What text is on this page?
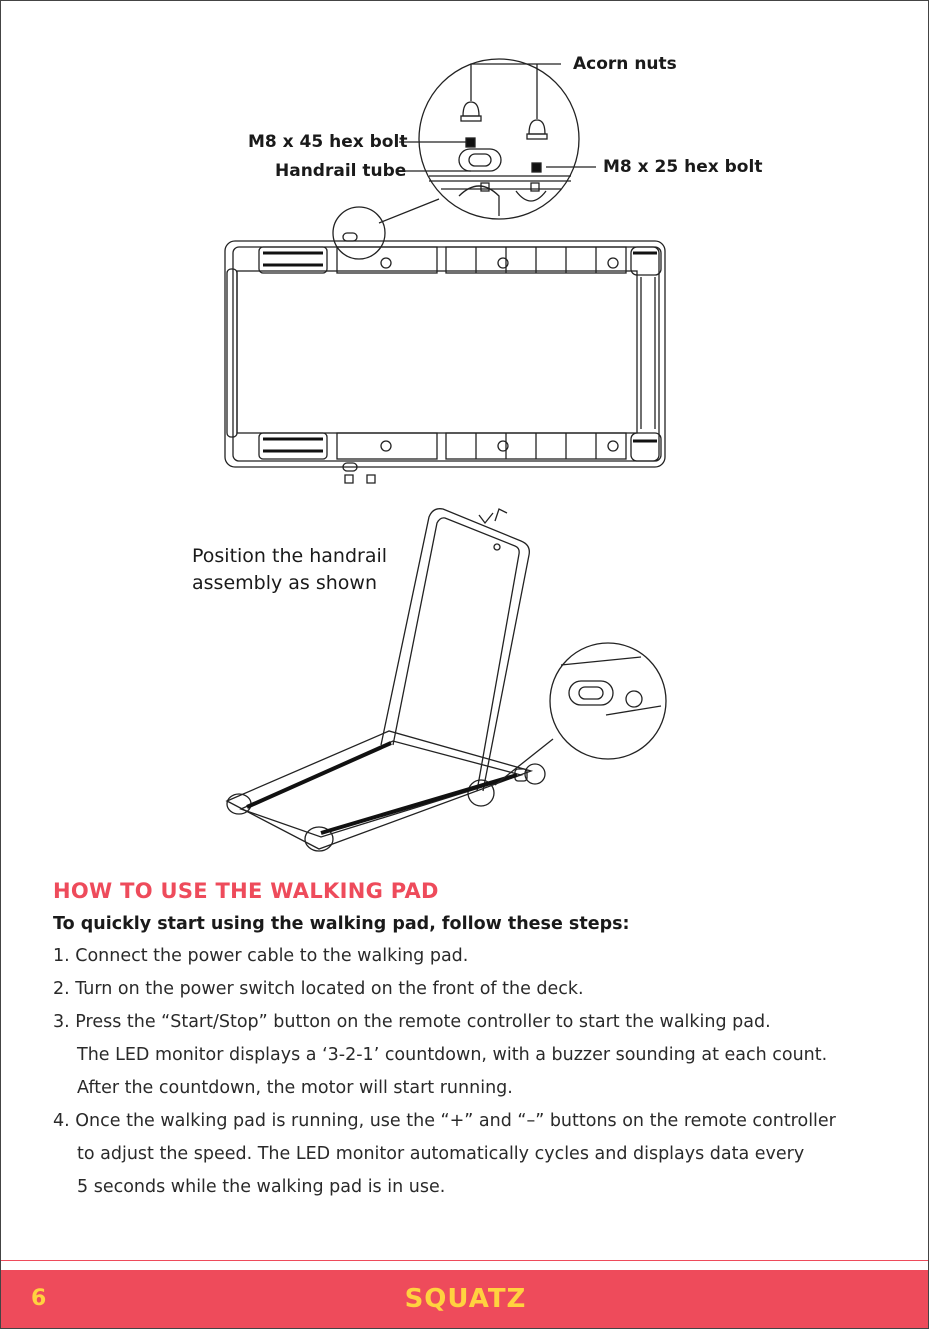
Acorn nuts
M8 x 45 hex bolt
Handrail tube	M8 x 25 hex bolt
Position the handrail
assembly as shown
HOW TO USE THE WALKING PAD
To quickly start using the walking pad, follow these steps:
1. Connect the power cable to the walking pad.
2. Turn on the power switch located on the front of the deck.
3. Press the “Start/Stop” button on the remote controller to start the walking pad.
The LED monitor displays a ‘3-2-1’ countdown, with a buzzer sounding at each count.
After the countdown, the motor will start running.
4. Once the walking pad is running, use the “+” and “–” buttons on the remote controller
to adjust the speed. The LED monitor automatically cycles and displays data every
5 seconds while the walking pad is in use.
6	SQUATZ
